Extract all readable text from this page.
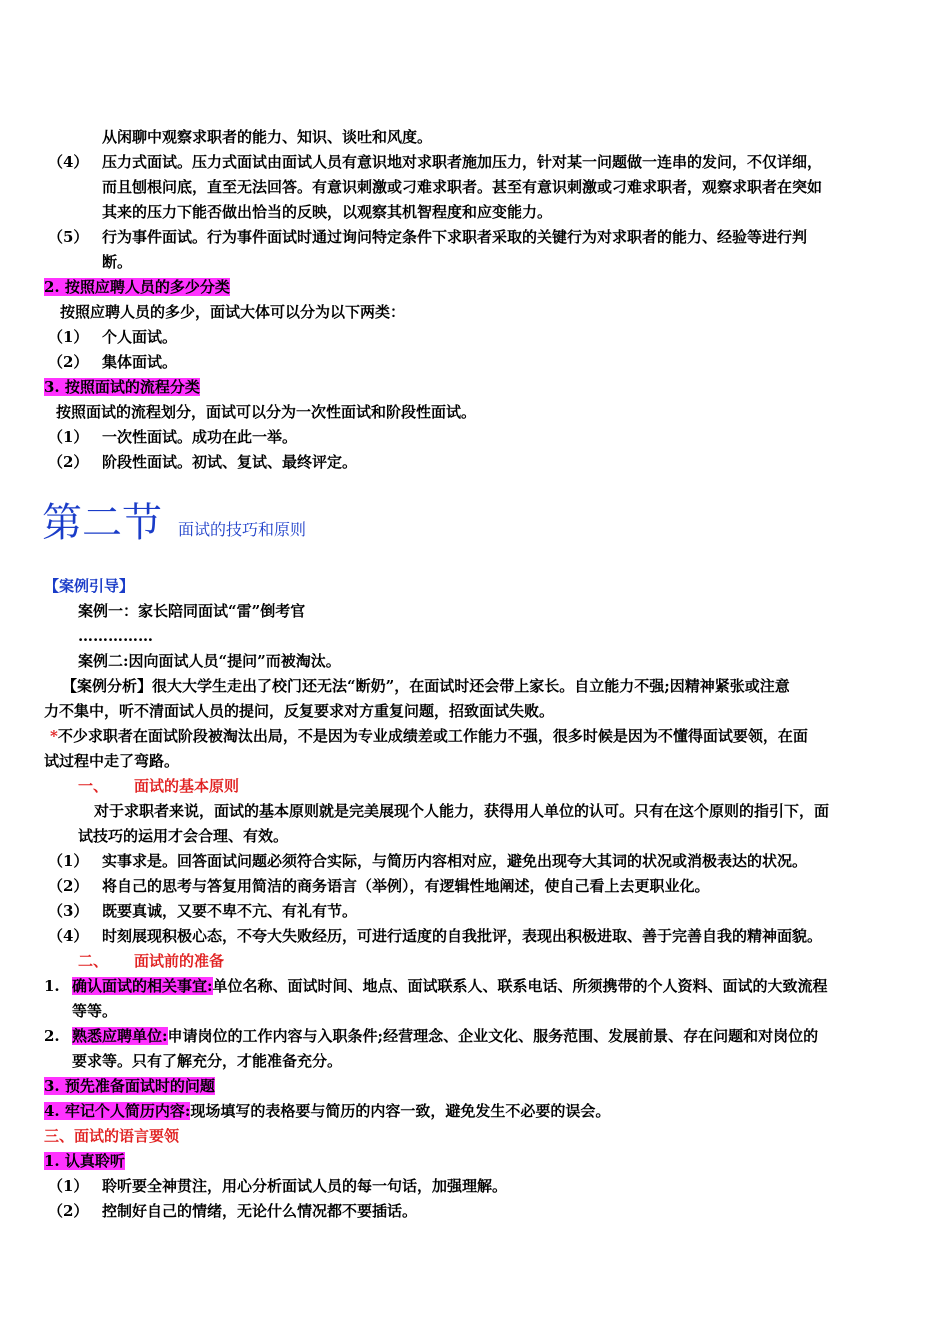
从闲聊中观察求职者的能力、知识、谈吐和风度。
（4） 压力式面试。压力式面试由面试人员有意识地对求职者施加压力，针对某一问题做一连串的发问，不仅详细，
而且刨根问底，直至无法回答。有意识刺激或刁难求职者。甚至有意识刺激或刁难求职者，观察求职者在突如
其来的压力下能否做出恰当的反映，以观察其机智程度和应变能力。
（5） 行为事件面试。行为事件面试时通过询问特定条件下求职者采取的关键行为对求职者的能力、经验等进行判
断。
2. 按照应聘人员的多少分类
按照应聘人员的多少，面试大体可以分为以下两类：
（1） 个人面试。
（2） 集体面试。
3. 按照面试的流程分类
按照面试的流程划分，面试可以分为一次性面试和阶段性面试。
（1） 一次性面试。成功在此一举。
（2） 阶段性面试。初试、复试、最终评定。
第二节 面试的技巧和原则
【案例引导】
案例一：家长陪同面试“雷”倒考官
……………
案例二:因向面试人员“提问”而被淘汰。
【案例分析】很大大学生走出了校门还无法“断奶”，在面试时还会带上家长。自立能力不强;因精神紧张或注意
力不集中，听不清面试人员的提问，反复要求对方重复问题，招致面试失败。
*不少求职者在面试阶段被淘汰出局，不是因为专业成绩差或工作能力不强，很多时候是因为不懂得面试要领，在面
试过程中走了弯路。
一、 面试的基本原则
对于求职者来说，面试的基本原则就是完美展现个人能力，获得用人单位的认可。只有在这个原则的指引下，面
试技巧的运用才会合理、有效。
（1） 实事求是。回答面试问题必须符合实际，与简历内容相对应，避免出现夸大其词的状况或消极表达的状况。
（2） 将自己的思考与答复用简洁的商务语言（举例），有逻辑性地阐述，使自己看上去更职业化。
（3） 既要真诚，又要不卑不亢、有礼有节。
（4） 时刻展现积极心态，不夸大失败经历，可进行适度的自我批评，表现出积极进取、善于完善自我的精神面貌。
二、 面试前的准备
1. 确认面试的相关事宜:单位名称、面试时间、地点、面试联系人、联系电话、所须携带的个人资料、面试的大致流程
等等。
2. 熟悉应聘单位:申请岗位的工作内容与入职条件;经营理念、企业文化、服务范围、发展前景、存在问题和对岗位的
要求等。只有了解充分，才能准备充分。
3. 预先准备面试时的问题
4. 牢记个人简历内容:现场填写的表格要与简历的内容一致，避免发生不必要的误会。
三、面试的语言要领
1. 认真聆听
（1） 聆听要全神贯注，用心分析面试人员的每一句话，加强理解。
（2） 控制好自己的情绪，无论什么情况都不要插话。
